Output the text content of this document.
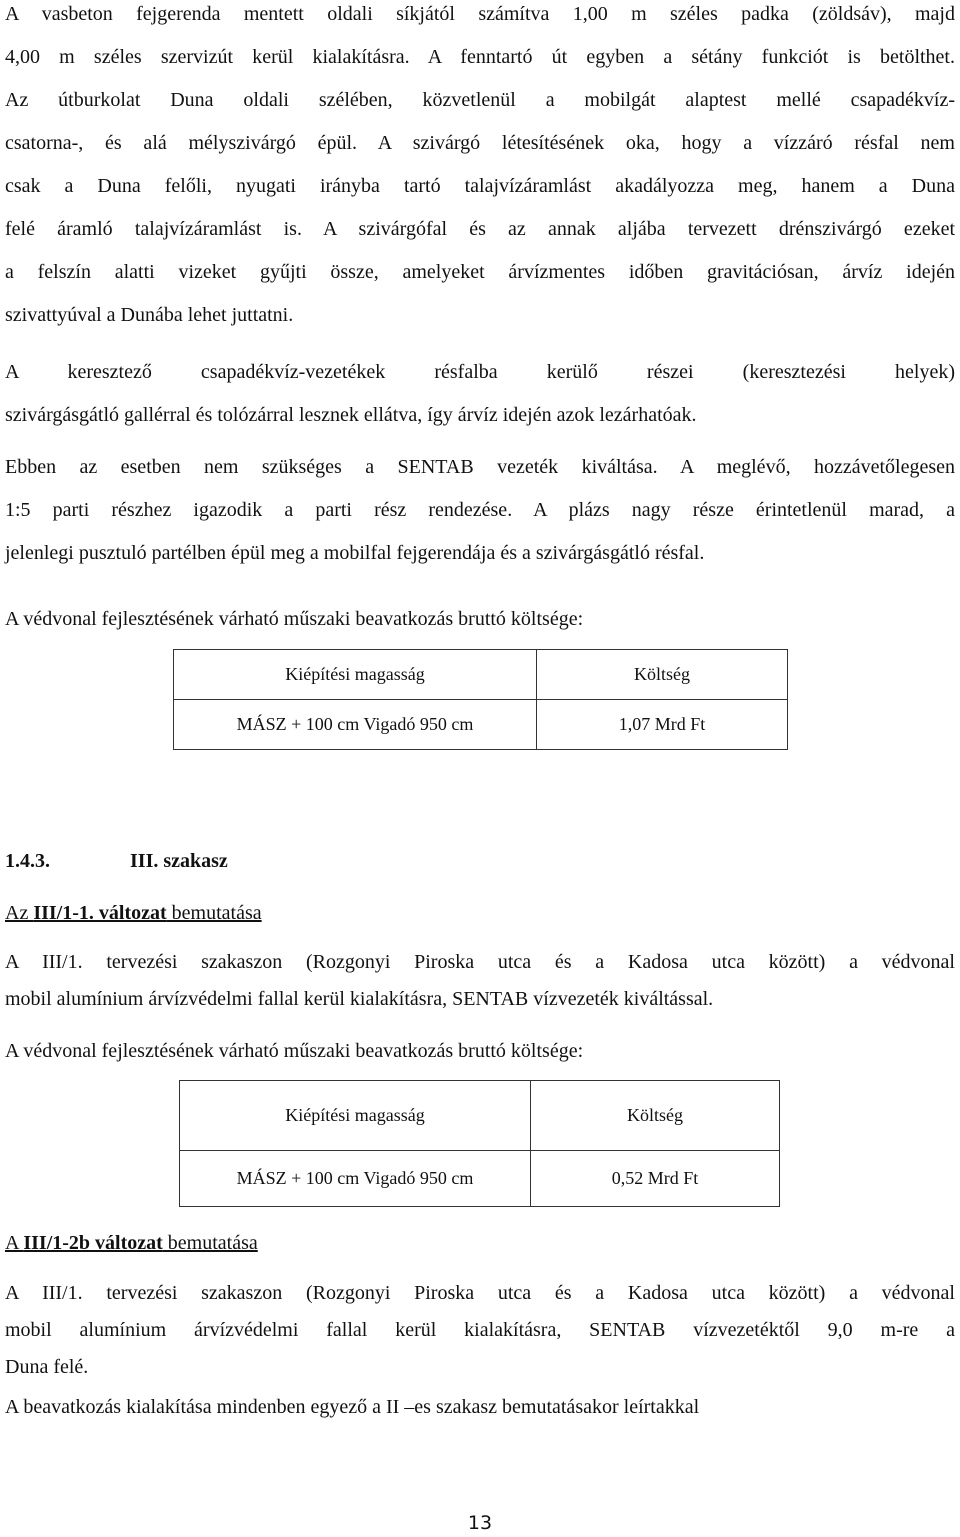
A vasbeton fejgerenda mentett oldali síkjától számítva 1,00 m széles padka (zöldsáv), majd
4,00 m széles szervizút kerül kialakításra. A fenntartó út egyben a sétány funkciót is betölthet.
Az útburkolat Duna oldali szélében, közvetlenül a mobilgát alaptest mellé csapadékvíz-
csatorna-, és alá mélyszivárgó épül. A szivárgó létesítésének oka, hogy a vízzáró résfal nem
csak a Duna felőli, nyugati irányba tartó talajvízáramlást akadályozza meg, hanem a Duna
felé áramló talajvízáramlást is. A szivárgófal és az annak aljába tervezett drénszivárgó ezeket
a felszín alatti vizeket gyűjti össze, amelyeket árvízmentes időben gravitációsan, árvíz idején
szivattyúval a Dunába lehet juttatni.
A keresztező csapadékvíz-vezetékek résfalba kerülő részei (keresztezési helyek)
szivárgásgátló gallérral és tolózárral lesznek ellátva, így árvíz idején azok lezárhatóak.
Ebben az esetben nem szükséges a SENTAB vezeték kiváltása. A meglévő, hozzávetőlegesen
1:5 parti részhez igazodik a parti rész rendezése. A plázs nagy része érintetlenül marad, a
jelenlegi pusztuló partélben épül meg a mobilfal fejgerendája és a szivárgásgátló résfal.
A védvonal fejlesztésének várható műszaki beavatkozás bruttó költsége:
Kiépítési magasság	Költség
MÁSZ + 100 cm Vigadó 950 cm	1,07 Mrd Ft
1.4.3.	III. szakasz
Az III/1-1. változat bemutatása
A III/1. tervezési szakaszon (Rozgonyi Piroska utca és a Kadosa utca között) a védvonal
mobil alumínium árvízvédelmi fallal kerül kialakításra, SENTAB vízvezeték kiváltással.
A védvonal fejlesztésének várható műszaki beavatkozás bruttó költsége:
Kiépítési magasság	Költség
MÁSZ + 100 cm Vigadó 950 cm	0,52 Mrd Ft
A III/1-2b változat bemutatása
A III/1. tervezési szakaszon (Rozgonyi Piroska utca és a Kadosa utca között) a védvonal
mobil alumínium árvízvédelmi fallal kerül kialakításra, SENTAB vízvezetéktől 9,0 m-re a
Duna felé.
A beavatkozás kialakítása mindenben egyező a II –es szakasz bemutatásakor leírtakkal
13
